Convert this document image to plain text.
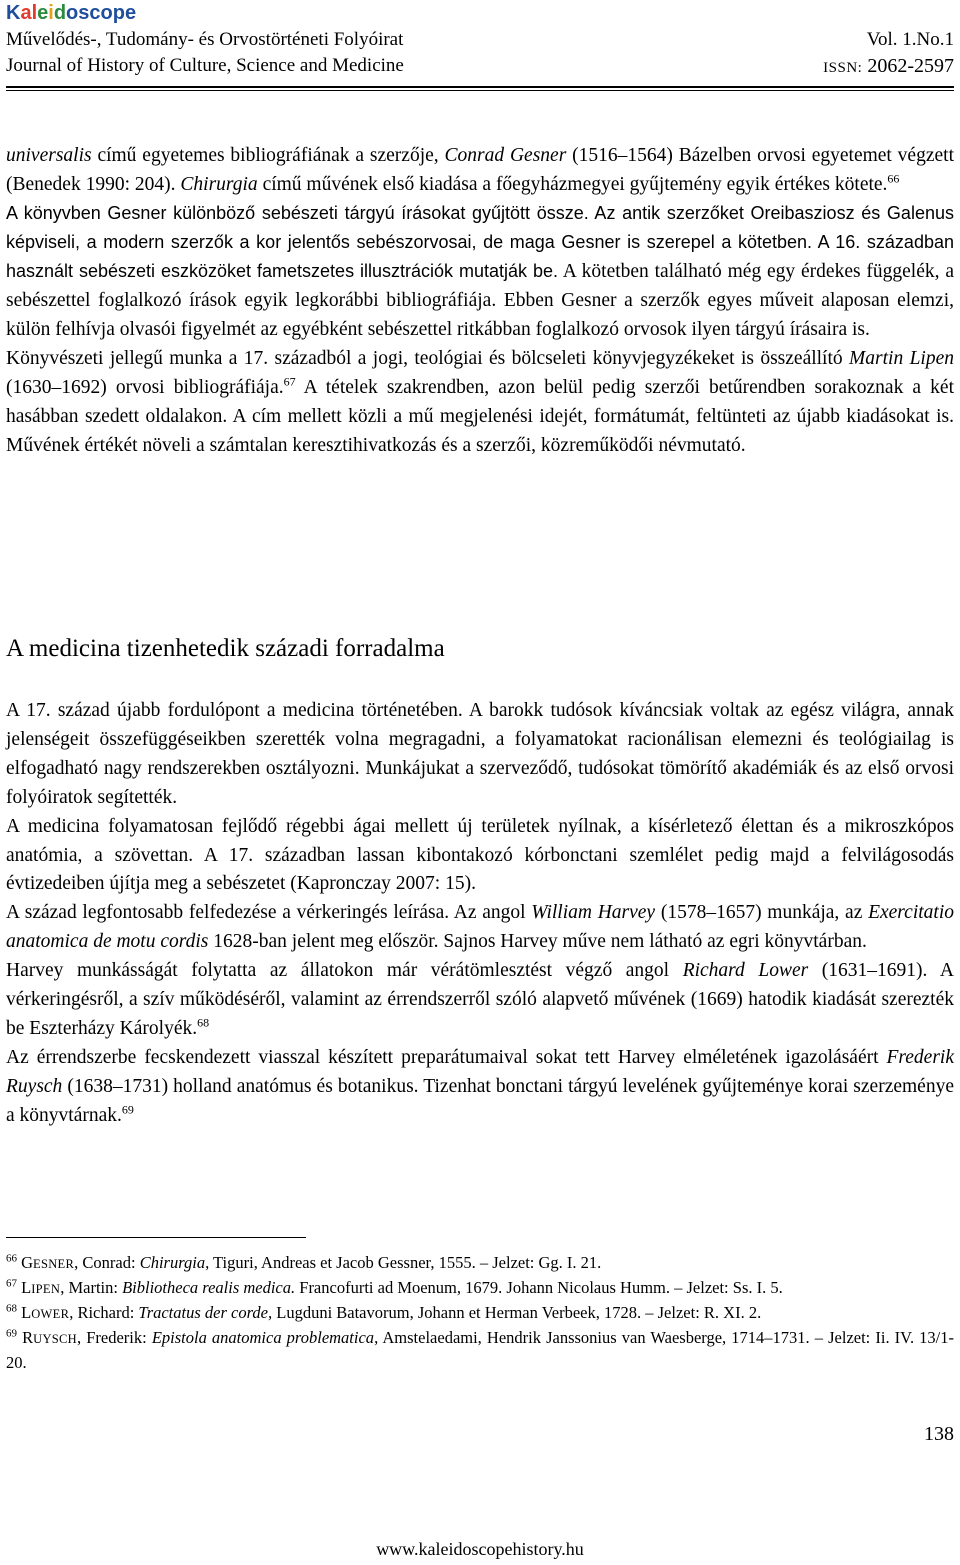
Kaleidoscope
Művelődés-, Tudomány- és Orvostörténeti Folyóirat	Vol. 1.No.1
Journal of History of Culture, Science and Medicine	ISSN: 2062-2597

universalis című egyetemes bibliográfiának a szerzője, Conrad Gesner (1516–1564) Bázelben orvosi egyetemet végzett (Benedek 1990: 204). Chirurgia című művének első kiadása a főegyházmegyei gyűjtemény egyik értékes kötete.$^{66}$

A könyvben Gesner különböző sebészeti tárgyú írásokat gyűjtött össze. Az antik szerzőket Oreibasziosz és Galenus képviseli, a modern szerzők a kor jelentős sebészorvosai, de maga Gesner is szerepel a kötetben. A 16. században használt sebészeti eszközöket fametszetes illusztrációk mutatják be. A kötetben található még egy érdekes függelék, a sebészettel foglalkozó írások egyik legkorábbi bibliográfiája. Ebben Gesner a szerzők egyes műveit alaposan elemzi, külön felhívja olvasói figyelmét az egyébként sebészettel ritkábban foglalkozó orvosok ilyen tárgyú írásaira is.

Könyvészeti jellegű munka a 17. századból a jogi, teológiai és bölcseleti könyvjegyzékeket is összeállító Martin Lipen (1630–1692) orvosi bibliográfiája.$^{67}$ A tételek szakrendben, azon belül pedig szerzői betűrendben sorakoznak a két hasábban szedett oldalakon. A cím mellett közli a mű megjelenési idejét, formátumát, feltünteti az újabb kiadásokat is. Művének értékét növeli a számtalan keresztihivatkozás és a szerzői, közreműködői névmutató.

A medicina tizenhetedik századi forradalma

A 17. század újabb fordulópont a medicina történetében. A barokk tudósok kíváncsiak voltak az egész világra, annak jelenségeit összefüggéseikben szerették volna megragadni, a folyamatokat racionálisan elemezni és teológiailag is elfogadható nagy rendszerekben osztályozni. Munkájukat a szerveződő, tudósokat tömörítő akadémiák és az első orvosi folyóiratok segítették.

A medicina folyamatosan fejlődő régebbi ágai mellett új területek nyílnak, a kísérletező élettan és a mikroszkópos anatómia, a szövettan. A 17. században lassan kibontakozó kórbonctani szemlélet pedig majd a felvilágosodás évtizedeiben újítja meg a sebészetet (Kapronczay 2007: 15).

A század legfontosabb felfedezése a vérkeringés leírása. Az angol William Harvey (1578–1657) munkája, az Exercitatio anatomica de motu cordis 1628-ban jelent meg először. Sajnos Harvey műve nem látható az egri könyvtárban.

Harvey munkásságát folytatta az állatokon már vérátömlesztést végző angol Richard Lower (1631–1691). A vérkeringésről, a szív működéséről, valamint az érrendszerről szóló alapvető művének (1669) hatodik kiadását szerezték be Eszterházy Károlyék.$^{68}$

Az érrendszerbe fecskendezett viasszal készített preparátumaival sokat tett Harvey elméletének igazolásáért Frederik Ruysch (1638–1731) holland anatómus és botanikus. Tizenhat bonctani tárgyú levelének gyűjteménye korai szerzeménye a könyvtárnak.$^{69}$

$^{66}$ GESNER, Conrad: Chirurgia, Tiguri, Andreas et Jacob Gessner, 1555. – Jelzet: Gg. I. 21.

$^{67}$ LIPEN, Martin: Bibliotheca realis medica. Francofurti ad Moenum, 1679. Johann Nicolaus Humm. – Jelzet: Ss. I. 5.

$^{68}$ LOWER, Richard: Tractatus der corde, Lugduni Batavorum, Johann et Herman Verbeek, 1728. – Jelzet: R. XI. 2.

$^{69}$ RUYSCH, Frederik: Epistola anatomica problematica, Amstelaedami, Hendrik Janssonius van Waesberge, 1714–1731. – Jelzet: Ii. IV. 13/1-20.

138
www.kaleidoscopehistory.hu
